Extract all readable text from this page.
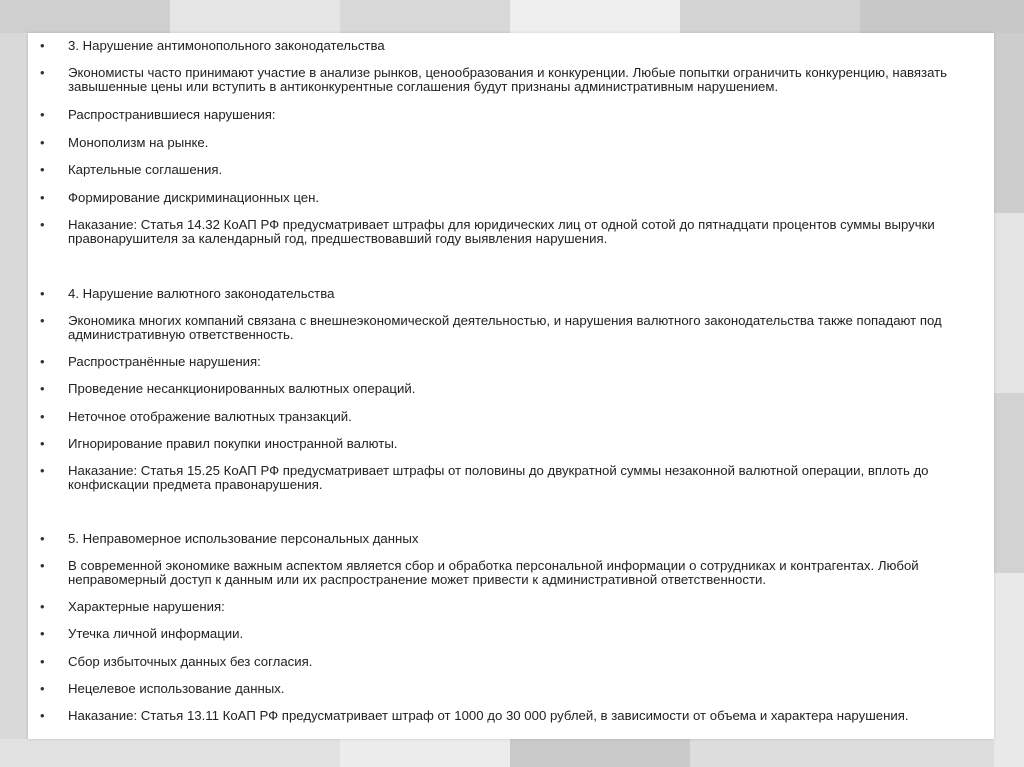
• 3. Нарушение антимонопольного законодательства
• Экономисты часто принимают участие в анализе рынков, ценообразования и конкуренции. Любые попытки ограничить конкуренцию, навязать завышенные цены или вступить в антиконкурентные соглашения будут признаны административным нарушением.
• Распространившиеся нарушения:
• Монополизм на рынке.
• Картельные соглашения.
• Формирование дискриминационных цен.
• Наказание: Статья 14.32 КоАП РФ предусматривает штрафы для юридических лиц от одной сотой до пятнадцати процентов суммы выручки правонарушителя за календарный год, предшествовавший году выявления нарушения.
• 4. Нарушение валютного законодательства
• Экономика многих компаний связана с внешнеэкономической деятельностью, и нарушения валютного законодательства также попадают под административную ответственность.
• Распространённые нарушения:
• Проведение несанкционированных валютных операций.
• Неточное отображение валютных транзакций.
• Игнорирование правил покупки иностранной валюты.
• Наказание: Статья 15.25 КоАП РФ предусматривает штрафы от половины до двукратной суммы незаконной валютной операции, вплоть до конфискации предмета правонарушения.
• 5. Неправомерное использование персональных данных
• В современной экономике важным аспектом является сбор и обработка персональной информации о сотрудниках и контрагентах. Любой неправомерный доступ к данным или их распространение может привести к административной ответственности.
• Характерные нарушения:
• Утечка личной информации.
• Сбор избыточных данных без согласия.
• Нецелевое использование данных.
• Наказание: Статья 13.11 КоАП РФ предусматривает штраф от 1000 до 30 000 рублей, в зависимости от объема и характера нарушения.
